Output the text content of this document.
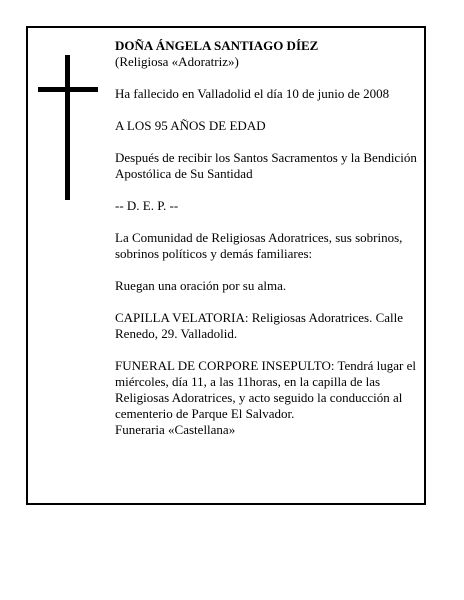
DOÑA ÁNGELA SANTIAGO DÍEZ

(Religiosa «Adoratriz»)

Ha fallecido en Valladolid el día 10 de junio de 2008

A LOS 95 AÑOS DE EDAD

Después de recibir los Santos Sacramentos y la Bendición Apostólica de Su Santidad

-- D. E. P. --

La Comunidad de Religiosas Adoratrices, sus sobrinos, sobrinos políticos y demás familiares:

Ruegan una oración por su alma.

CAPILLA VELATORIA: Religiosas Adoratrices. Calle Renedo, 29. Valladolid.

FUNERAL DE CORPORE INSEPULTO: Tendrá lugar el miércoles, día 11, a las 11horas, en la capilla de las Religiosas Adoratrices, y acto seguido la conducción al cementerio de Parque El Salvador.

Funeraria «Castellana»
